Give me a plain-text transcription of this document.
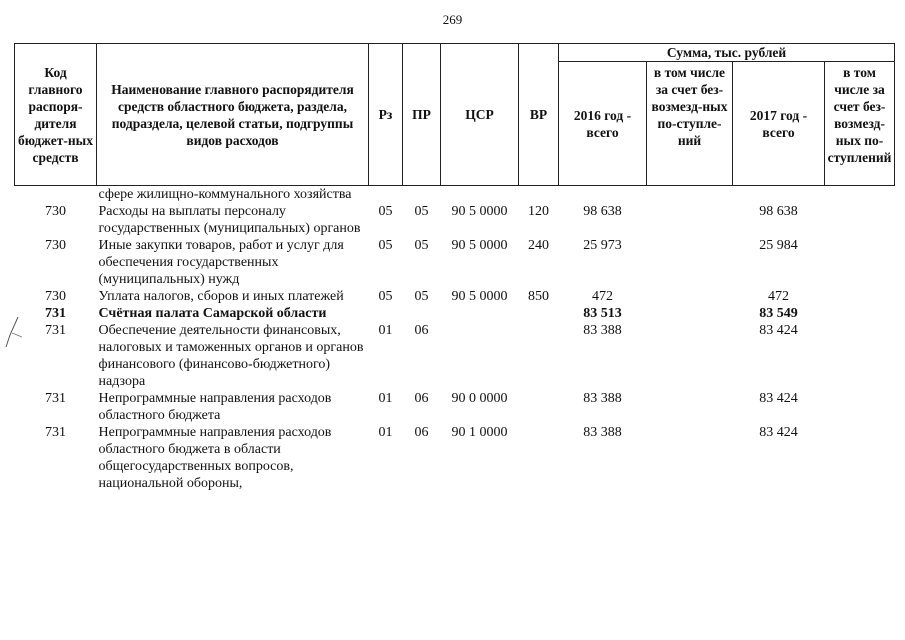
269
Код главного распоря-дителя бюджет-ных средств	Наименование главного распорядителя средств областного бюджета, раздела, подраздела, целевой статьи, подгруппы видов расходов	Рз	ПР	ЦСР	ВР	Сумма, тыс. рублей			
						2016 год - всего	в том числе за счет без-возмезд-ных по-ступле-ний	2017 год - всего	в том числе за счет без-возмезд-ных по-ступлений
	сфере жилищно-коммунального хозяйства								
730	Расходы на выплаты персоналу государственных (муниципальных) органов	05	05	90 5 0000	120	98 638		98 638	
730	Иные закупки товаров, работ и услуг для обеспечения государственных (муниципальных) нужд	05	05	90 5 0000	240	25 973		25 984	
730	Уплата налогов, сборов и иных платежей	05	05	90 5 0000	850	472		472	
731	Счётная палата Самарской области					83 513		83 549	
731	Обеспечение деятельности финансовых, налоговых и таможенных органов и органов финансового (финансово-бюджетного) надзора	01	06			83 388		83 424	
731	Непрограммные направления расходов областного бюджета	01	06	90 0 0000		83 388		83 424	
731	Непрограммные направления расходов областного бюджета в области общегосударственных вопросов, национальной обороны,	01	06	90 1 0000		83 388		83 424	
